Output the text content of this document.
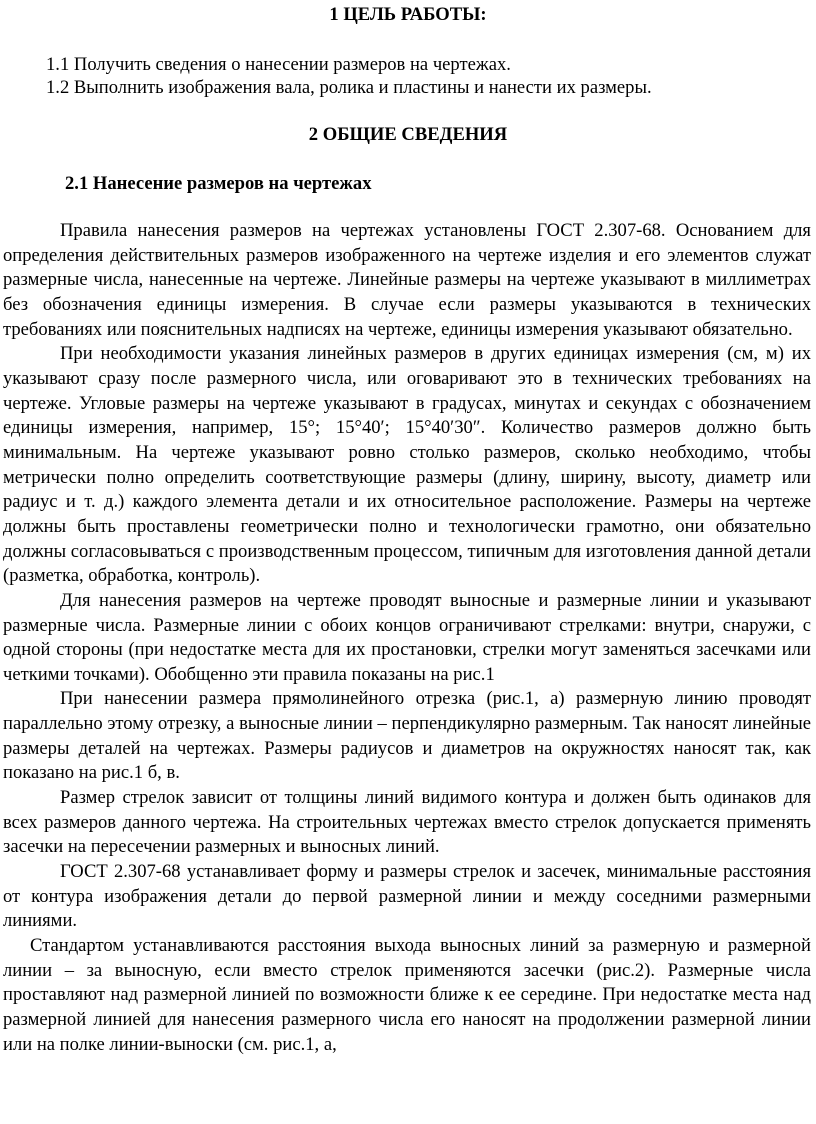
1 ЦЕЛЬ РАБОТЫ:
1.1 Получить сведения о нанесении размеров на чертежах.
1.2 Выполнить изображения вала, ролика и пластины и нанести их размеры.
2 ОБЩИЕ СВЕДЕНИЯ
2.1 Нанесение размеров на чертежах

Правила нанесения размеров на чертежах установлены ГОСТ 2.307-68. Основанием для определения действительных размеров изображенного на чертеже изделия и его элементов служат размерные числа, нанесенные на чертеже. Линейные размеры на чертеже указывают в миллиметрах без обозначения единицы измерения. В случае если размеры указываются в технических требованиях или пояснительных надписях на чертеже, единицы измерения указывают обязательно.

При необходимости указания линейных размеров в других единицах измерения (см, м) их указывают сразу после размерного числа, или оговаривают это в технических требованиях на чертеже. Угловые размеры на чертеже указывают в градусах, минутах и секундах с обозначением единицы измерения, например, 15°; 15°40′; 15°40′30″. Количество размеров должно быть минимальным. На чертеже указывают ровно столько размеров, сколько необходимо, чтобы метрически полно определить соответствующие размеры (длину, ширину, высоту, диаметр или радиус и т. д.) каждого элемента детали и их относительное расположение. Размеры на чертеже должны быть проставлены геометрически полно и технологически грамотно, они обязательно должны согласовываться с производственным процессом, типичным для изготовления данной детали (разметка, обработка, контроль).

Для нанесения размеров на чертеже проводят выносные и размерные линии и указывают размерные числа. Размерные линии с обоих концов ограничивают стрелками: внутри, снаружи, с одной стороны (при недостатке места для их простановки, стрелки могут заменяться засечками или четкими точками). Обобщенно эти правила показаны на рис.1

При нанесении размера прямолинейного отрезка (рис.1, а) размерную линию проводят параллельно этому отрезку, а выносные линии – перпендикулярно размерным. Так наносят линейные размеры деталей на чертежах. Размеры радиусов и диаметров на окружностях наносят так, как показано на рис.1 б, в.

Размер стрелок зависит от толщины линий видимого контура и должен быть одинаков для всех размеров данного чертежа. На строительных чертежах вместо стрелок допускается применять засечки на пересечении размерных и выносных линий.

ГОСТ 2.307-68 устанавливает форму и размеры стрелок и засечек, минимальные расстояния от контура изображения детали до первой размерной линии и между соседними размерными линиями.

Стандартом устанавливаются расстояния выхода выносных линий за размерную и размерной линии – за выносную, если вместо стрелок применяются засечки (рис.2). Размерные числа проставляют над размерной линией по возможности ближе к ее середине. При недостатке места над размерной линией для нанесения размерного числа его наносят на продолжении размерной линии или на полке линии-выноски (см. рис.1, а,
